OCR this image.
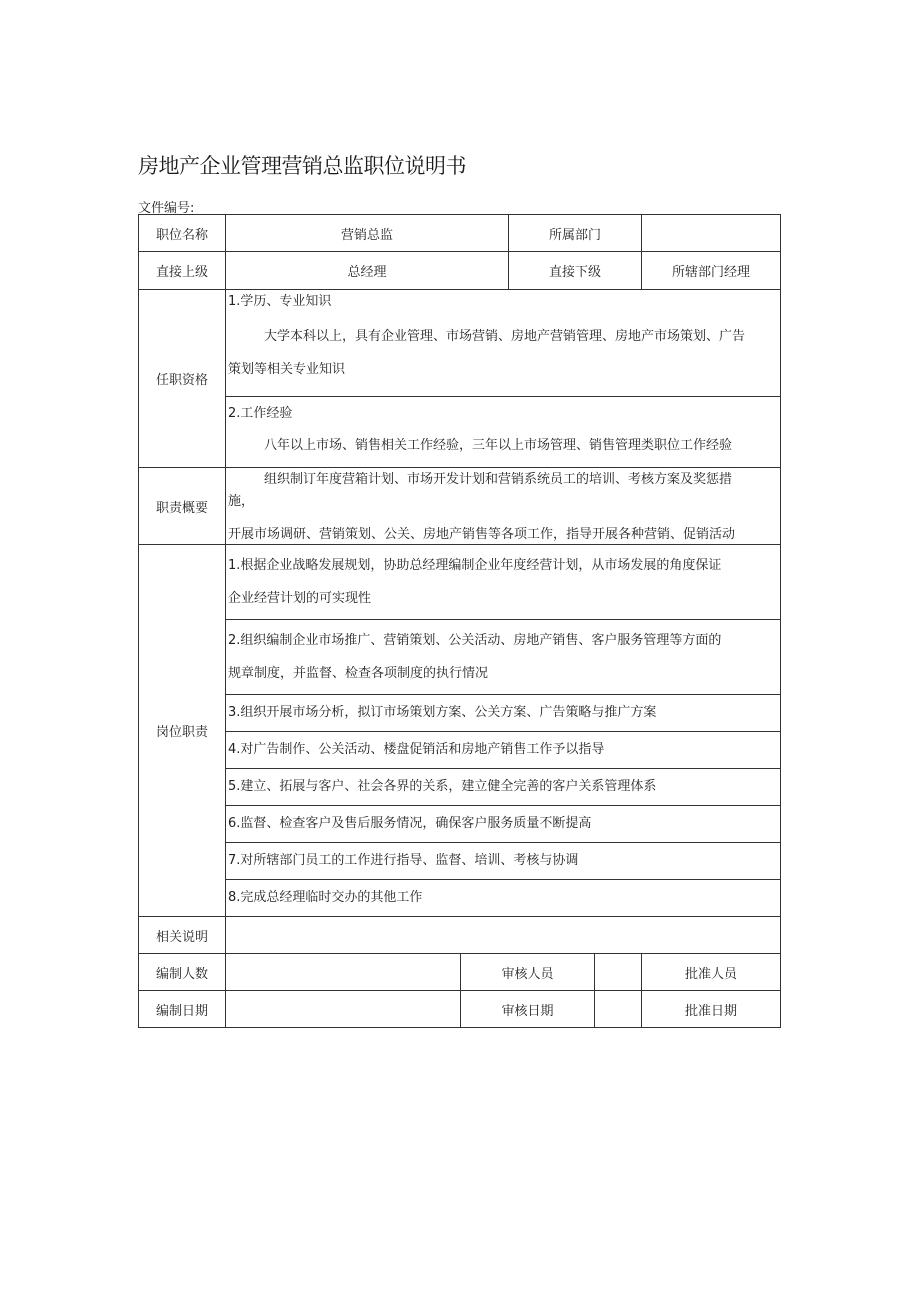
房地产企业管理营销总监职位说明书
文件编号:
职位名称	营销总监		所属部门		
直接上级	总经理		直接下级		所辖部门经理
任职资格	1.学历、专业知识
大学本科以上，具有企业管理、市场营销、房地产营销管理、房地产市场策划、广告
策划等相关专业知识				

	2.工作经验
八年以上市场、销售相关工作经验，三年以上市场管理、销售管理类职位工作经验				

职责概要	组织制订年度营箱计划、市场开发计划和营销系统员工的培训、考核方案及奖惩措
施，
开展市场调研、营销策划、公关、房地产销售等各项工作，指导开展各种营销、促销活动				

岗位职责	1.根据企业战略发展规划，协助总经理编制企业年度经营计划，从市场发展的角度保证
企业经营计划的可实现性				

	2.组织编制企业市场推广、营销策划、公关活动、房地产销售、客户服务管理等方面的
规章制度，并监督、检查各项制度的执行情况				

	3.组织开展市场分析，拟订市场策划方案、公关方案、广告策略与推广方案				

	4.对广告制作、公关活动、楼盘促销活和房地产销售工作予以指导				

	5.建立、拓展与客户、社会各界的关系，建立健全完善的客户关系管理体系				

	6.监督、检查客户及售后服务情况，确保客户服务质量不断提高				

	7.对所辖部门员工的工作进行指导、监督、培训、考核与协调				

	8.完成总经理临时交办的其他工作				

相关说明					
编制人数		审核人员			批准人员
编制日期		审核日期			批准日期
